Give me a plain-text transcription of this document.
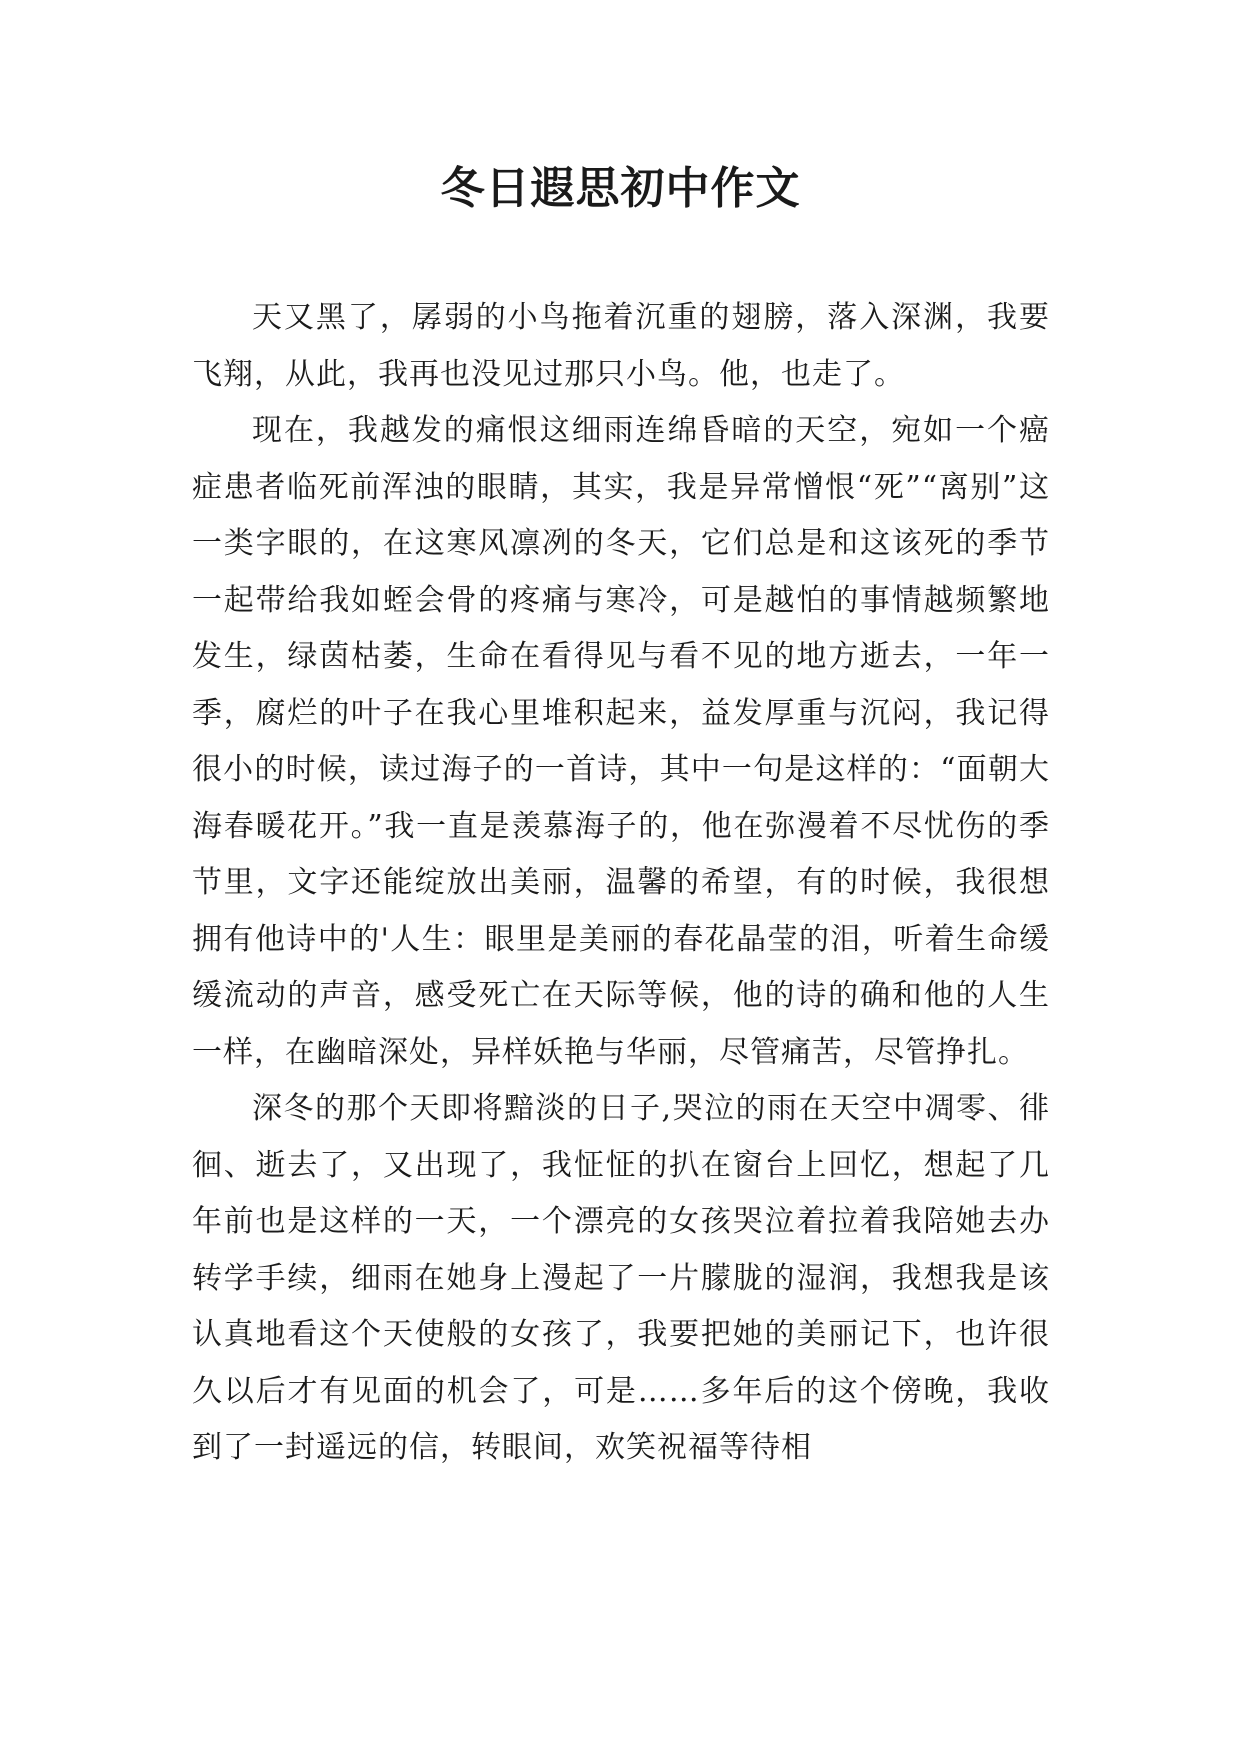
冬日遐思初中作文

天又黑了，孱弱的小鸟拖着沉重的翅膀，落入深渊，我要飞翔，从此，我再也没见过那只小鸟。他，也走了。

现在，我越发的痛恨这细雨连绵昏暗的天空，宛如一个癌症患者临死前浑浊的眼睛，其实，我是异常憎恨“死”“离别”这一类字眼的，在这寒风凛冽的冬天，它们总是和这该死的季节一起带给我如蛭会骨的疼痛与寒冷，可是越怕的事情越频繁地发生，绿茵枯萎，生命在看得见与看不见的地方逝去，一年一季，腐烂的叶子在我心里堆积起来，益发厚重与沉闷，我记得很小的时候，读过海子的一首诗，其中一句是这样的：“面朝大海春暖花开。”我一直是羡慕海子的，他在弥漫着不尽忧伤的季节里，文字还能绽放出美丽，温馨的希望，有的时候，我很想拥有他诗中的'人生：眼里是美丽的春花晶莹的泪，听着生命缓缓流动的声音，感受死亡在天际等候，他的诗的确和他的人生一样，在幽暗深处，异样妖艳与华丽，尽管痛苦，尽管挣扎。

深冬的那个天即将黯淡的日子,哭泣的雨在天空中凋零、徘徊、逝去了，又出现了，我怔怔的扒在窗台上回忆，想起了几年前也是这样的一天，一个漂亮的女孩哭泣着拉着我陪她去办转学手续，细雨在她身上漫起了一片朦胧的湿润，我想我是该认真地看这个天使般的女孩了，我要把她的美丽记下，也许很久以后才有见面的机会了，可是……多年后的这个傍晚，我收到了一封遥远的信，转眼间，欢笑祝福等待相
